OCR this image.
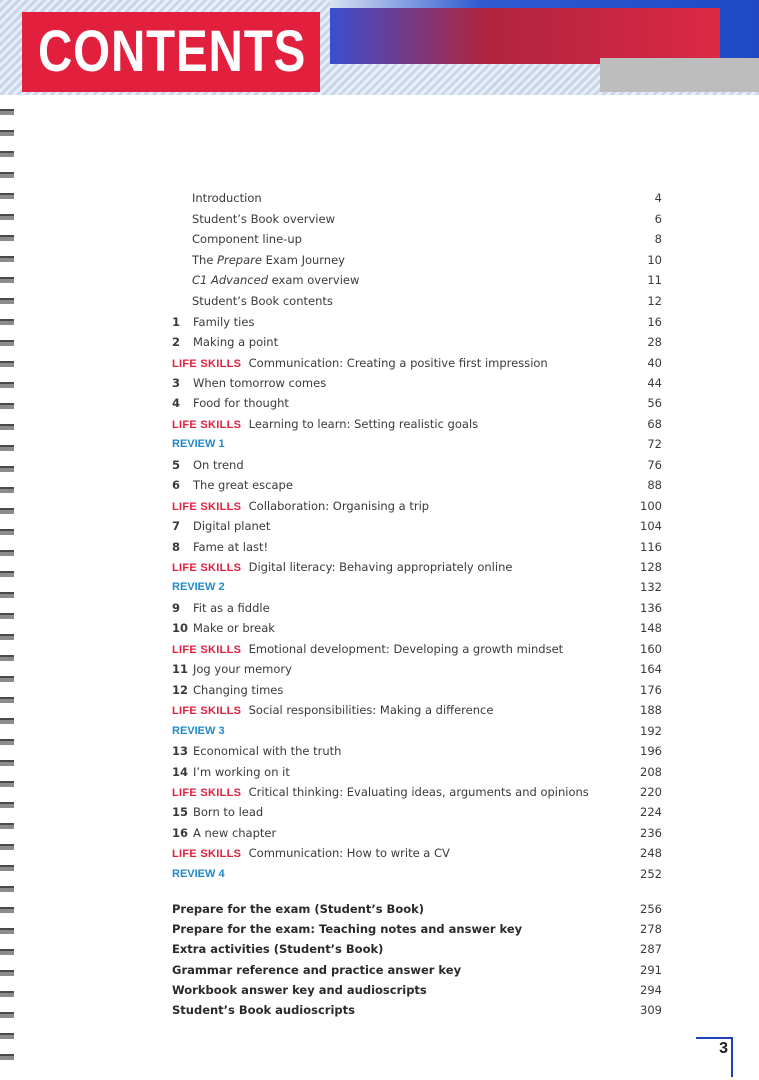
CONTENTS
Introduction	4
Student’s Book overview	6
Component line-up	8
The Prepare Exam Journey	10
C1 Advanced exam overview	11
Student’s Book contents	12
1	Family ties	16
2	Making a point	28
LIFE SKILLS Communication: Creating a positive first impression	40
3	When tomorrow comes	44
4	Food for thought	56
LIFE SKILLS Learning to learn: Setting realistic goals	68
REVIEW 1	72
5	On trend	76
6	The great escape	88
LIFE SKILLS Collaboration: Organising a trip	100
7	Digital planet	104
8	Fame at last!	116
LIFE SKILLS Digital literacy: Behaving appropriately online	128
REVIEW 2	132
9	Fit as a fiddle	136
10 Make or break	148
LIFE SKILLS Emotional development: Developing a growth mindset	160
11 Jog your memory	164
12 Changing times	176
LIFE SKILLS Social responsibilities: Making a difference	188
REVIEW 3	192
13 Economical with the truth	196
14 I’m working on it	208
LIFE SKILLS Critical thinking: Evaluating ideas, arguments and opinions	220
15 Born to lead	224
16 A new chapter	236
LIFE SKILLS Communication: How to write a CV	248
REVIEW 4	252
Prepare for the exam (Student’s Book)	256
Prepare for the exam: Teaching notes and answer key	278
Extra activities (Student’s Book)	287
Grammar reference and practice answer key	291
Workbook answer key and audioscripts	294
Student’s Book audioscripts	309
3
